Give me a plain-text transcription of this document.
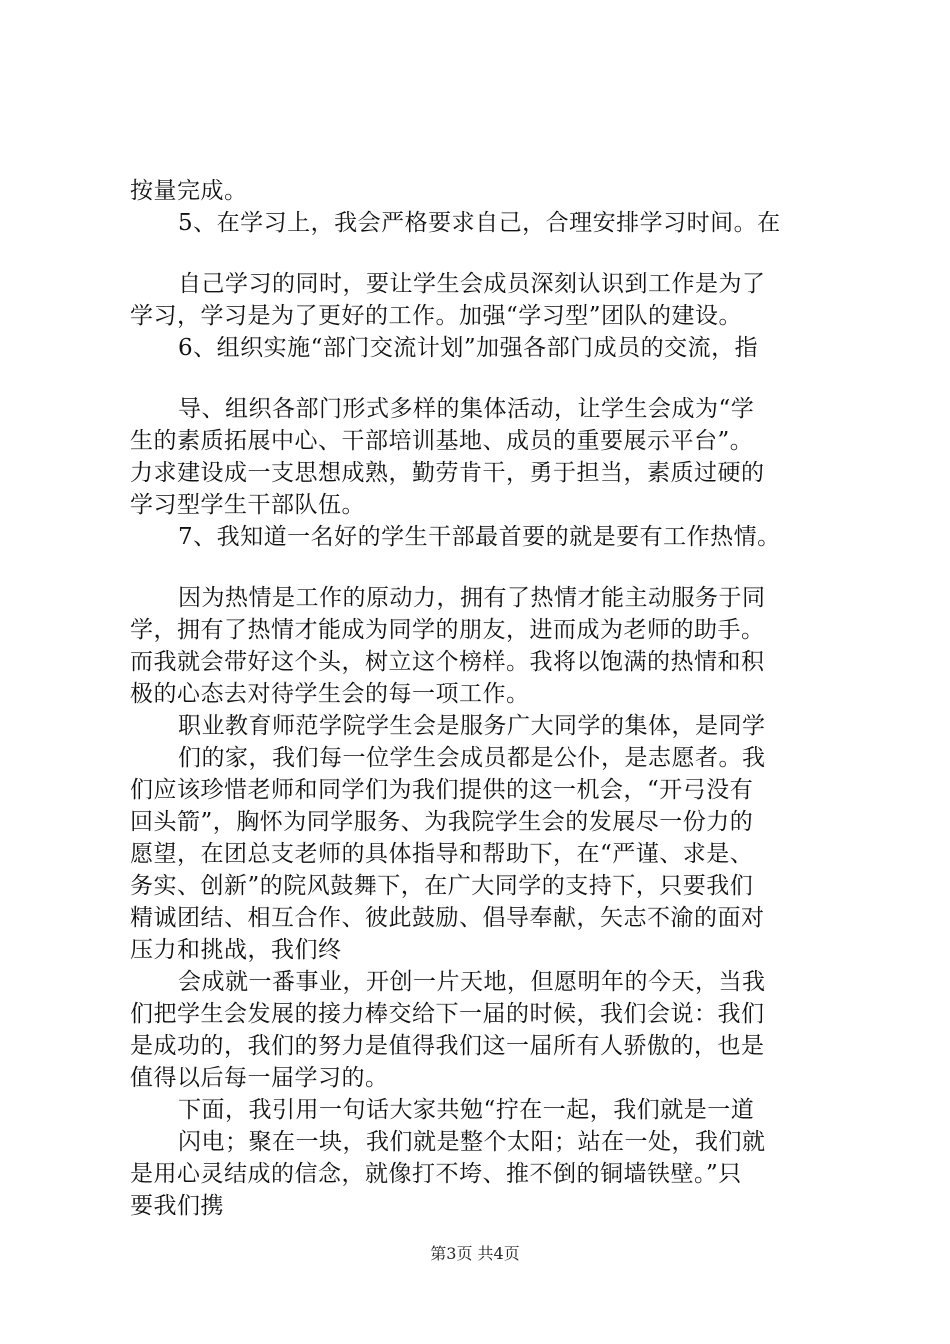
按量完成。
5、在学习上，我会严格要求自己，合理安排学习时间。在
自己学习的同时，要让学生会成员深刻认识到工作是为了
学习，学习是为了更好的工作。加强“学习型”团队的建设。
6、组织实施“部门交流计划”加强各部门成员的交流，指
导、组织各部门形式多样的集体活动，让学生会成为“学
生的素质拓展中心、干部培训基地、成员的重要展示平台”。
力求建设成一支思想成熟，勤劳肯干，勇于担当，素质过硬的
学习型学生干部队伍。
7、我知道一名好的学生干部最首要的就是要有工作热情。
因为热情是工作的原动力，拥有了热情才能主动服务于同
学，拥有了热情才能成为同学的朋友，进而成为老师的助手。
而我就会带好这个头，树立这个榜样。我将以饱满的热情和积
极的心态去对待学生会的每一项工作。
职业教育师范学院学生会是服务广大同学的集体，是同学
们的家，我们每一位学生会成员都是公仆，是志愿者。我
们应该珍惜老师和同学们为我们提供的这一机会，“开弓没有
回头箭”，胸怀为同学服务、为我院学生会的发展尽一份力的
愿望，在团总支老师的具体指导和帮助下，在“严谨、求是、
务实、创新”的院风鼓舞下，在广大同学的支持下，只要我们
精诚团结、相互合作、彼此鼓励、倡导奉献，矢志不渝的面对
压力和挑战，我们终
会成就一番事业，开创一片天地，但愿明年的今天，当我
们把学生会发展的接力棒交给下一届的时候，我们会说：我们
是成功的，我们的努力是值得我们这一届所有人骄傲的，也是
值得以后每一届学习的。
下面，我引用一句话大家共勉“拧在一起，我们就是一道
闪电；聚在一块，我们就是整个太阳；站在一处，我们就
是用心灵结成的信念，就像打不垮、推不倒的铜墙铁壁。”只
要我们携
第3页 共4页
